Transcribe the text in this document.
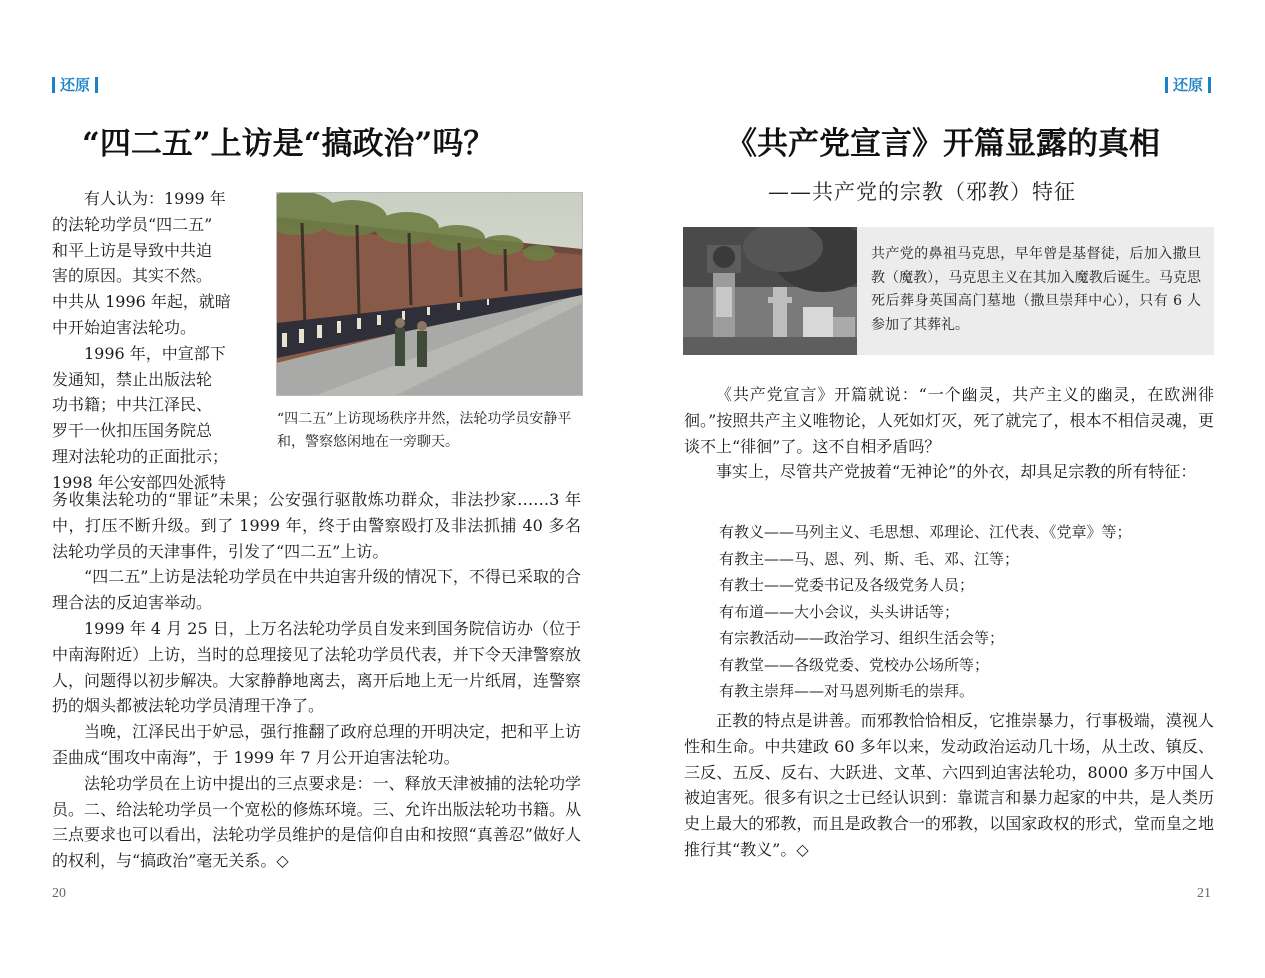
还原
“四二五”上访是“搞政治”吗？
有人认为：1999 年
的法轮功学员“四二五”
和平上访是导致中共迫
害的原因。其实不然。
中共从 1996 年起，就暗
中开始迫害法轮功。
1996 年，中宣部下
发通知，禁止出版法轮
功书籍；中共江泽民、
罗干一伙扣压国务院总
理对法轮功的正面批示；
1998 年公安部四处派特
“四二五”上访现场秩序井然，法轮功学员安静平和，警察悠闲地在一旁聊天。

务收集法轮功的“罪证”未果；公安强行驱散炼功群众，非法抄家……3 年中，打压不断升级。到了 1999 年，终于由警察殴打及非法抓捕 40 多名法轮功学员的天津事件，引发了“四二五”上访。

“四二五”上访是法轮功学员在中共迫害升级的情况下，不得已采取的合理合法的反迫害举动。

1999 年 4 月 25 日，上万名法轮功学员自发来到国务院信访办（位于中南海附近）上访，当时的总理接见了法轮功学员代表，并下令天津警察放人，问题得以初步解决。大家静静地离去，离开后地上无一片纸屑，连警察扔的烟头都被法轮功学员清理干净了。

当晚，江泽民出于妒忌，强行推翻了政府总理的开明决定，把和平上访歪曲成“围攻中南海”，于 1999 年 7 月公开迫害法轮功。

法轮功学员在上访中提出的三点要求是：一、释放天津被捕的法轮功学员。二、给法轮功学员一个宽松的修炼环境。三、允许出版法轮功书籍。从三点要求也可以看出，法轮功学员维护的是信仰自由和按照“真善忍”做好人的权利，与“搞政治”毫无关系。◇

20
还原
《共产党宣言》开篇显露的真相
——共产党的宗教（邪教）特征
共产党的鼻祖马克思，早年曾是基督徒，后加入撒旦教（魔教），马克思主义在其加入魔教后诞生。马克思死后葬身英国高门墓地（撒旦崇拜中心），只有 6 人参加了其葬礼。

《共产党宣言》开篇就说：“一个幽灵，共产主义的幽灵，在欧洲徘徊。”按照共产主义唯物论，人死如灯灭，死了就完了，根本不相信灵魂，更谈不上“徘徊”了。这不自相矛盾吗？

事实上，尽管共产党披着“无神论”的外衣，却具足宗教的所有特征：

有教义——马列主义、毛思想、邓理论、江代表、《党章》等；
有教主——马、恩、列、斯、毛、邓、江等；
有教士——党委书记及各级党务人员；
有布道——大小会议，头头讲话等；
有宗教活动——政治学习、组织生活会等；
有教堂——各级党委、党校办公场所等；
有教主崇拜——对马恩列斯毛的崇拜。

正教的特点是讲善。而邪教恰恰相反，它推崇暴力，行事极端，漠视人性和生命。中共建政 60 多年以来，发动政治运动几十场，从土改、镇反、三反、五反、反右、大跃进、文革、六四到迫害法轮功，8000 多万中国人被迫害死。很多有识之士已经认识到：靠谎言和暴力起家的中共，是人类历史上最大的邪教，而且是政教合一的邪教，以国家政权的形式，堂而皇之地推行其“教义”。◇

21
